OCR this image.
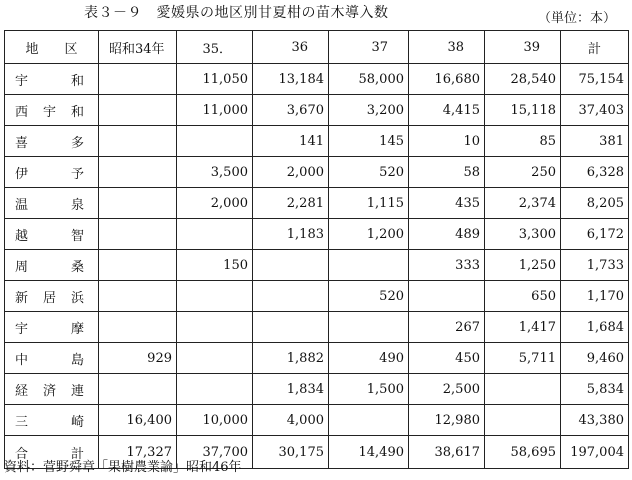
表３－９　愛媛県の地区別甘夏柑の苗木導入数	（単位：本）
地　　区	昭和34年	35．	36	37	38	39	計
宇和		11,050	13,184	58,000	16,680	28,540	75,154
西宇和		11,000	3,670	3,200	4,415	15,118	37,403
喜多			141	145	10	85	381
伊予		3,500	2,000	520	58	250	6,328
温泉		2,000	2,281	1,115	435	2,374	8,205
越智			1,183	1,200	489	3,300	6,172
周桑		150			333	1,250	1,733
新居浜				520		650	1,170
宇摩					267	1,417	1,684
中島	929		1,882	490	450	5,711	9,460
経済連			1,834	1,500	2,500		5,834
三崎	16,400	10,000	4,000		12,980		43,380
合計	17,327	37,700	30,175	14,490	38,617	58,695	197,004
資料：菅野舜章「果樹農業論」昭和46年
